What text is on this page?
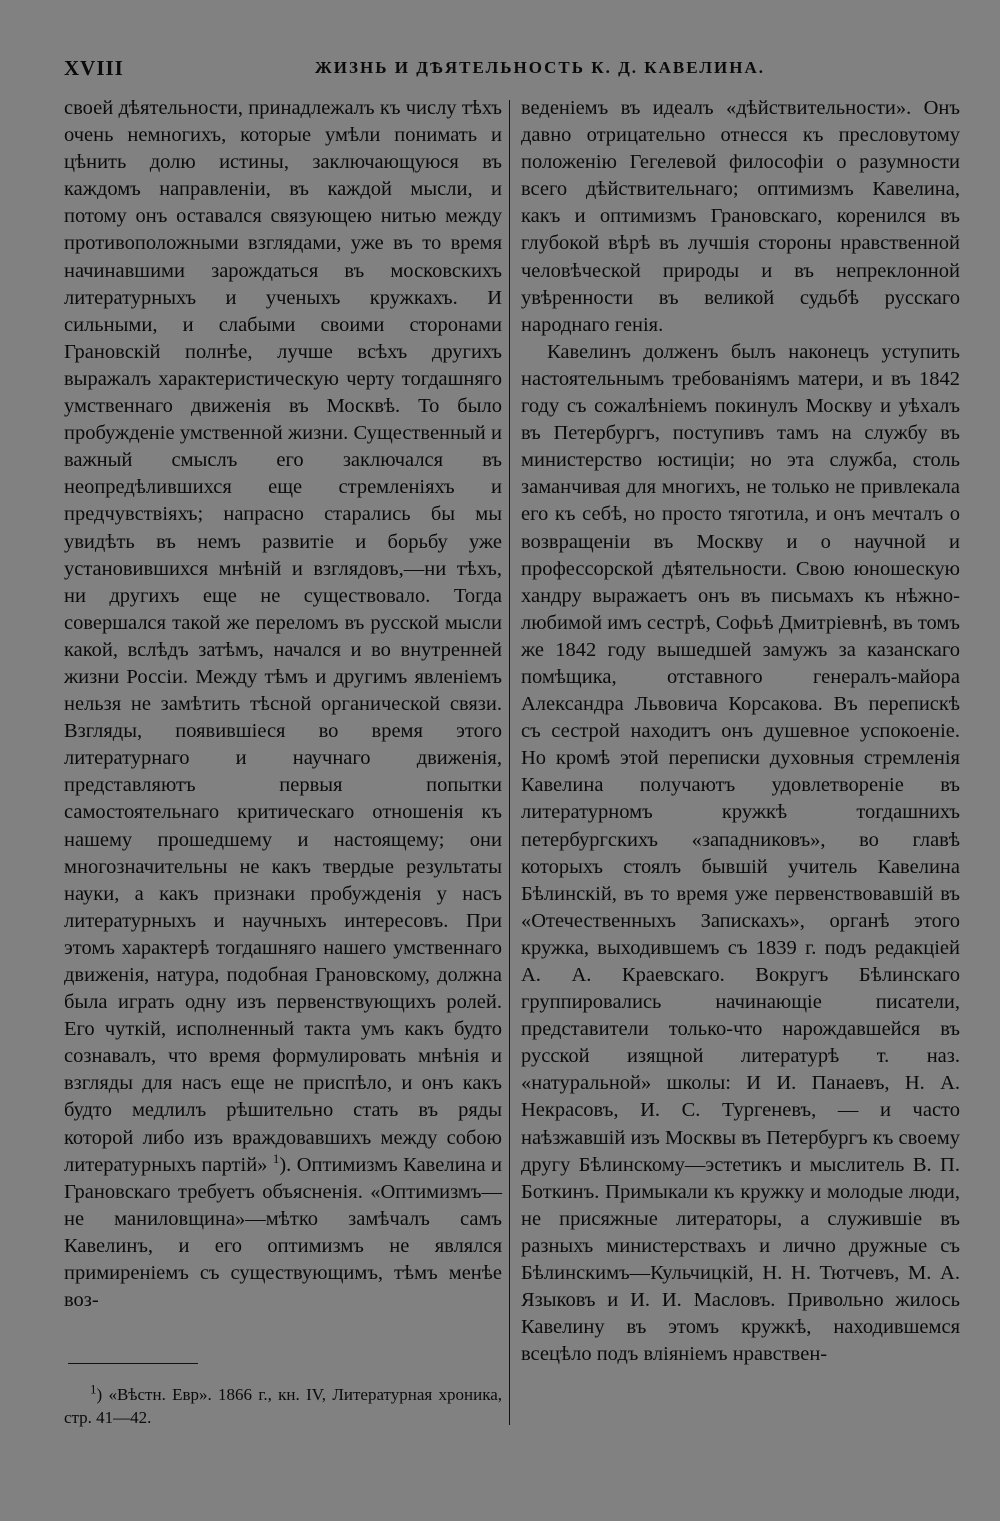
XVIII	ЖИЗНЬ И ДѢЯТЕЛЬНОСТЬ К. Д. КАВЕЛИНА.

своей дѣятельности, принадлежалъ къ числу тѣхъ очень немногихъ, которые умѣли понимать и цѣнить долю истины, заключающуюся въ каждомъ направленіи, въ каждой мысли, и потому онъ оставался связующею нитью между противоположными взглядами, уже въ то время начинавшими зарождаться въ московскихъ литературныхъ и ученыхъ кружкахъ. И сильными, и слабыми своими сторонами Грановскій полнѣе, лучше всѣхъ другихъ выражалъ характеристическую черту тогдашняго умственнаго движенія въ Москвѣ. То было пробужденіе умственной жизни. Существенный и важный смыслъ его заключался въ неопредѣлившихся еще стремленіяхъ и предчувствіяхъ; напрасно старались бы мы увидѣть въ немъ развитіе и борьбу уже установившихся мнѣній и взглядовъ,—ни тѣхъ, ни другихъ еще не существовало. Тогда совершался такой же переломъ въ русской мысли какой, вслѣдъ затѣмъ, начался и во внутренней жизни Россіи. Между тѣмъ и другимъ явленіемъ нельзя не замѣтить тѣсной органической связи. Взгляды, появившіеся во время этого литературнаго и научнаго движенія, представляютъ первыя попытки самостоятельнаго критическаго отношенія къ нашему прошедшему и настоящему; они многозначительны не какъ твердые результаты науки, а какъ признаки пробужденія у насъ литературныхъ и научныхъ интересовъ. При этомъ характерѣ тогдашняго нашего умственнаго движенія, натура, подобная Грановскому, должна была играть одну изъ первенствующихъ ролей. Его чуткій, исполненный такта умъ какъ будто сознавалъ, что время формулировать мнѣнія и взгляды для насъ еще не приспѣло, и онъ какъ будто медлилъ рѣшительно стать въ ряды которой либо изъ враждовавшихъ между собою литературныхъ партій» $^1$). Оптимизмъ Кавелина и Грановскаго требуетъ объясненія. «Оптимизмъ—не маниловщина»—мѣтко замѣчалъ самъ Кавелинъ, и его оптимизмъ не являлся примиреніемъ съ существующимъ, тѣмъ менѣе воз-

веденіемъ въ идеалъ «дѣйствительности». Онъ давно отрицательно отнесся къ пресловутому положенію Гегелевой философіи о разумности всего дѣйствительнаго; оптимизмъ Кавелина, какъ и оптимизмъ Грановскаго, коренился въ глубокой вѣрѣ въ лучшія стороны нравственной человѣческой природы и въ непреклонной увѣренности въ великой судьбѣ русскаго народнаго генія.

Кавелинъ долженъ былъ наконецъ уступить настоятельнымъ требованіямъ матери, и въ 1842 году съ сожалѣніемъ покинулъ Москву и уѣхалъ въ Петербургъ, поступивъ тамъ на службу въ министерство юстиціи; но эта служба, столь заманчивая для многихъ, не только не привлекала его къ себѣ, но просто тяготила, и онъ мечталъ о возвращеніи въ Москву и о научной и профессорской дѣятельности. Свою юношескую хандру выражаетъ онъ въ письмахъ къ нѣжно-любимой имъ сестрѣ, Софьѣ Дмитріевнѣ, въ томъ же 1842 году вышедшей замужъ за казанскаго помѣщика, отставного генералъ-майора Александра Львовича Корсакова. Въ перепискѣ съ сестрой находитъ онъ душевное успокоеніе. Но кромѣ этой переписки духовныя стремленія Кавелина получаютъ удовлетвореніе въ литературномъ кружкѣ тогдашнихъ петербургскихъ «западниковъ», во главѣ которыхъ стоялъ бывшій учитель Кавелина Бѣлинскій, въ то время уже первенствовавшій въ «Отечественныхъ Запискахъ», органѣ этого кружка, выходившемъ съ 1839 г. подъ редакціей А. А. Краевскаго. Вокругъ Бѣлинскаго группировались начинающіе писатели, представители только-что нарождавшейся въ русской изящной литературѣ т. наз. «натуральной» школы: И И. Панаевъ, Н. А. Некрасовъ, И. С. Тургеневъ, — и часто наѣзжавшій изъ Москвы въ Петербургъ къ своему другу Бѣлинскому—эстетикъ и мыслитель В. П. Боткинъ. Примыкали къ кружку и молодые люди, не присяжные литераторы, а служившіе въ разныхъ министерствахъ и лично дружные съ Бѣлинскимъ—Кульчицкій, Н. Н. Тютчевъ, М. А. Языковъ и И. И. Масловъ. Привольно жилось Кавелину въ этомъ кружкѣ, находившемся всецѣло подъ вліяніемъ нравствен-

$^1$) «Вѣстн. Евр». 1866 г., кн. IV, Литературная хроника, стр. 41—42.
